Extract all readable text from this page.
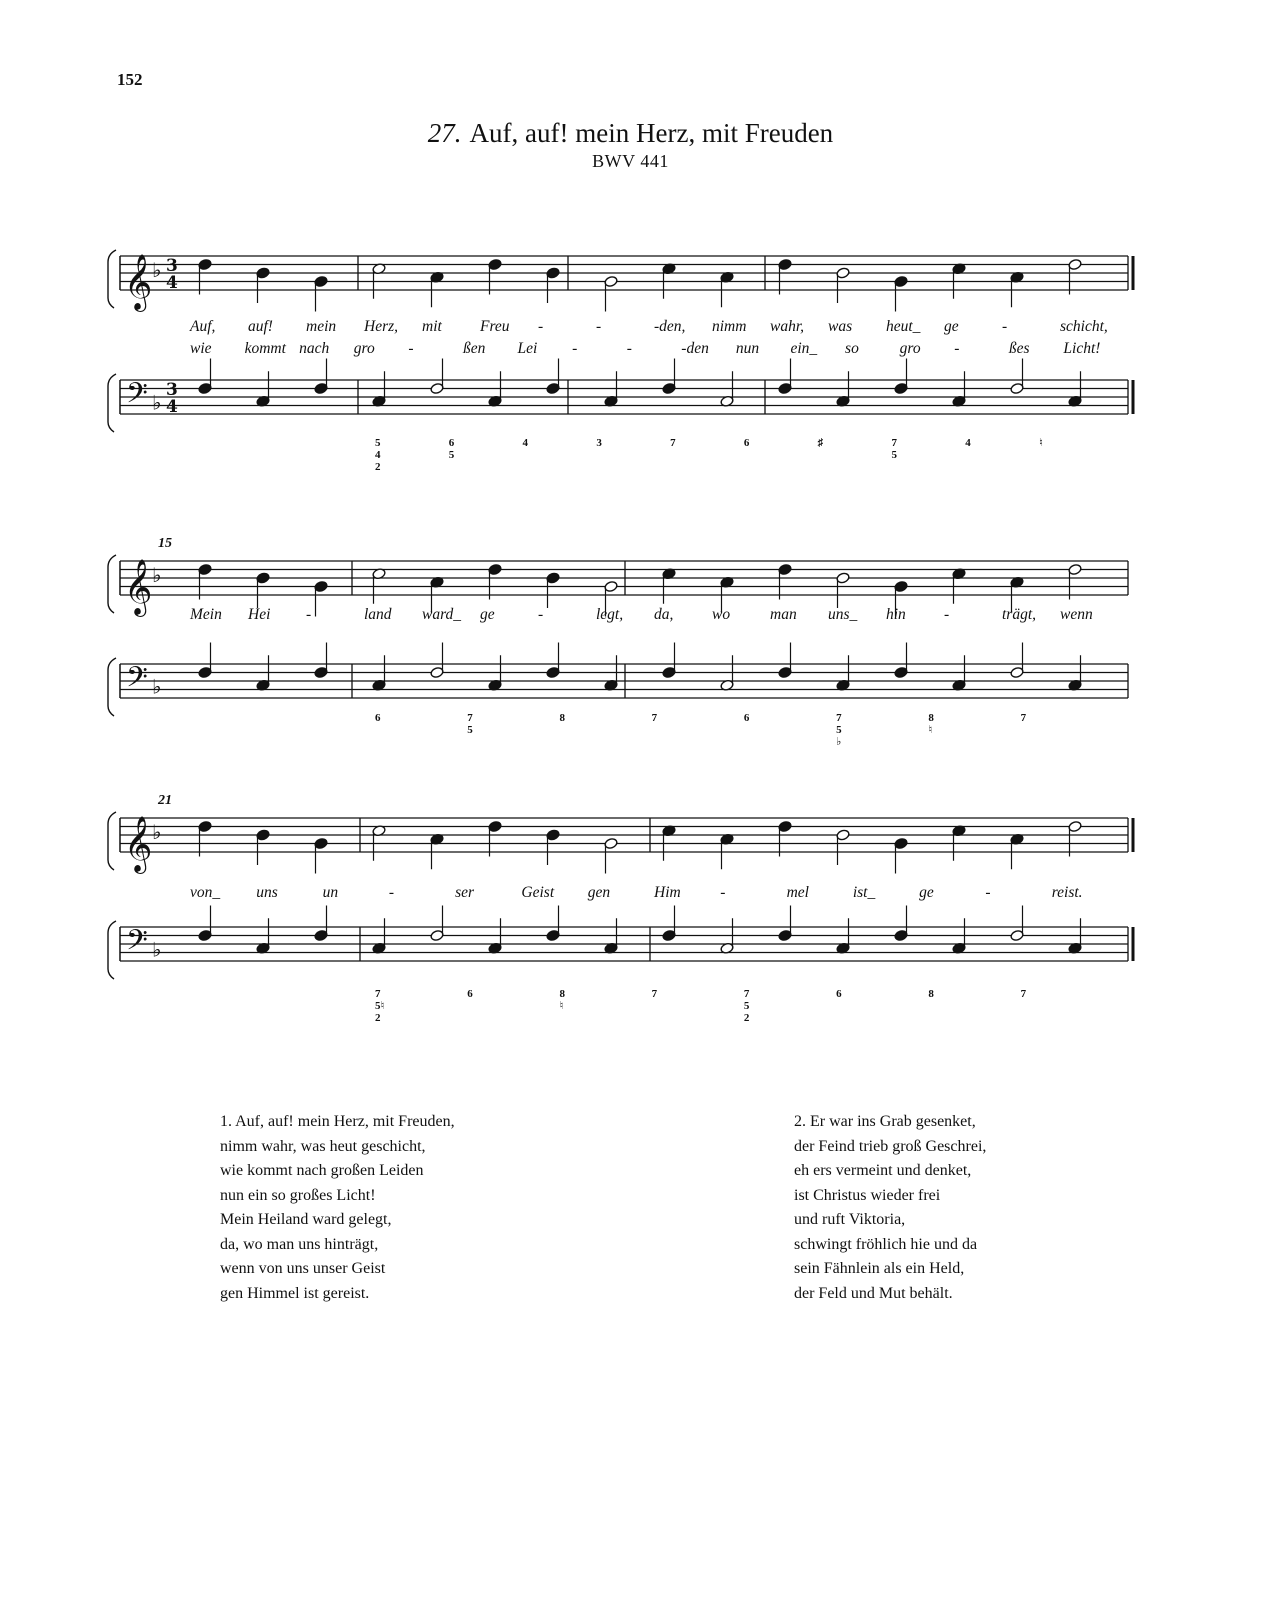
152
27. Auf, auf! mein Herz, mit Freuden
BWV 441
𝄞
𝄢
♭
♭
3
4
3
4
Auf, auf! mein Herz, mit Freu -	-	-den, nimm wahr, was heut_ ge	-	schicht,
wie kommt nach gro -	ßen Lei -	-	-den nun ein_ so	gro -	ßes Licht!
5
4
2
6
5
4	3	7	6	♯	7
5
4	♮
𝄞
𝄢
♭
♭
15
Mein Hei -	land ward_ ge	-	legt, da, wo	man uns_ hin -	trägt, wenn
6	7
5
8	7	6	7
5
♭
8
♮
7
𝄞
𝄢
♭
♭
21
von_ uns	un	-	ser	Geist gen	Him	-	mel	ist_	ge	-	reist.
7
5♮
2
6	8
♮
7	7
5
2
6	8	7
1. Auf, auf! mein Herz, mit Freuden,
nimm wahr, was heut geschicht,
wie kommt nach großen Leiden
nun ein so großes Licht!
Mein Heiland ward gelegt,
da, wo man uns hinträgt,
wenn von uns unser Geist
gen Himmel ist gereist.
2. Er war ins Grab gesenket,
der Feind trieb groß Geschrei,
eh ers vermeint und denket,
ist Christus wieder frei
und ruft Viktoria,
schwingt fröhlich hie und da
sein Fähnlein als ein Held,
der Feld und Mut behält.
